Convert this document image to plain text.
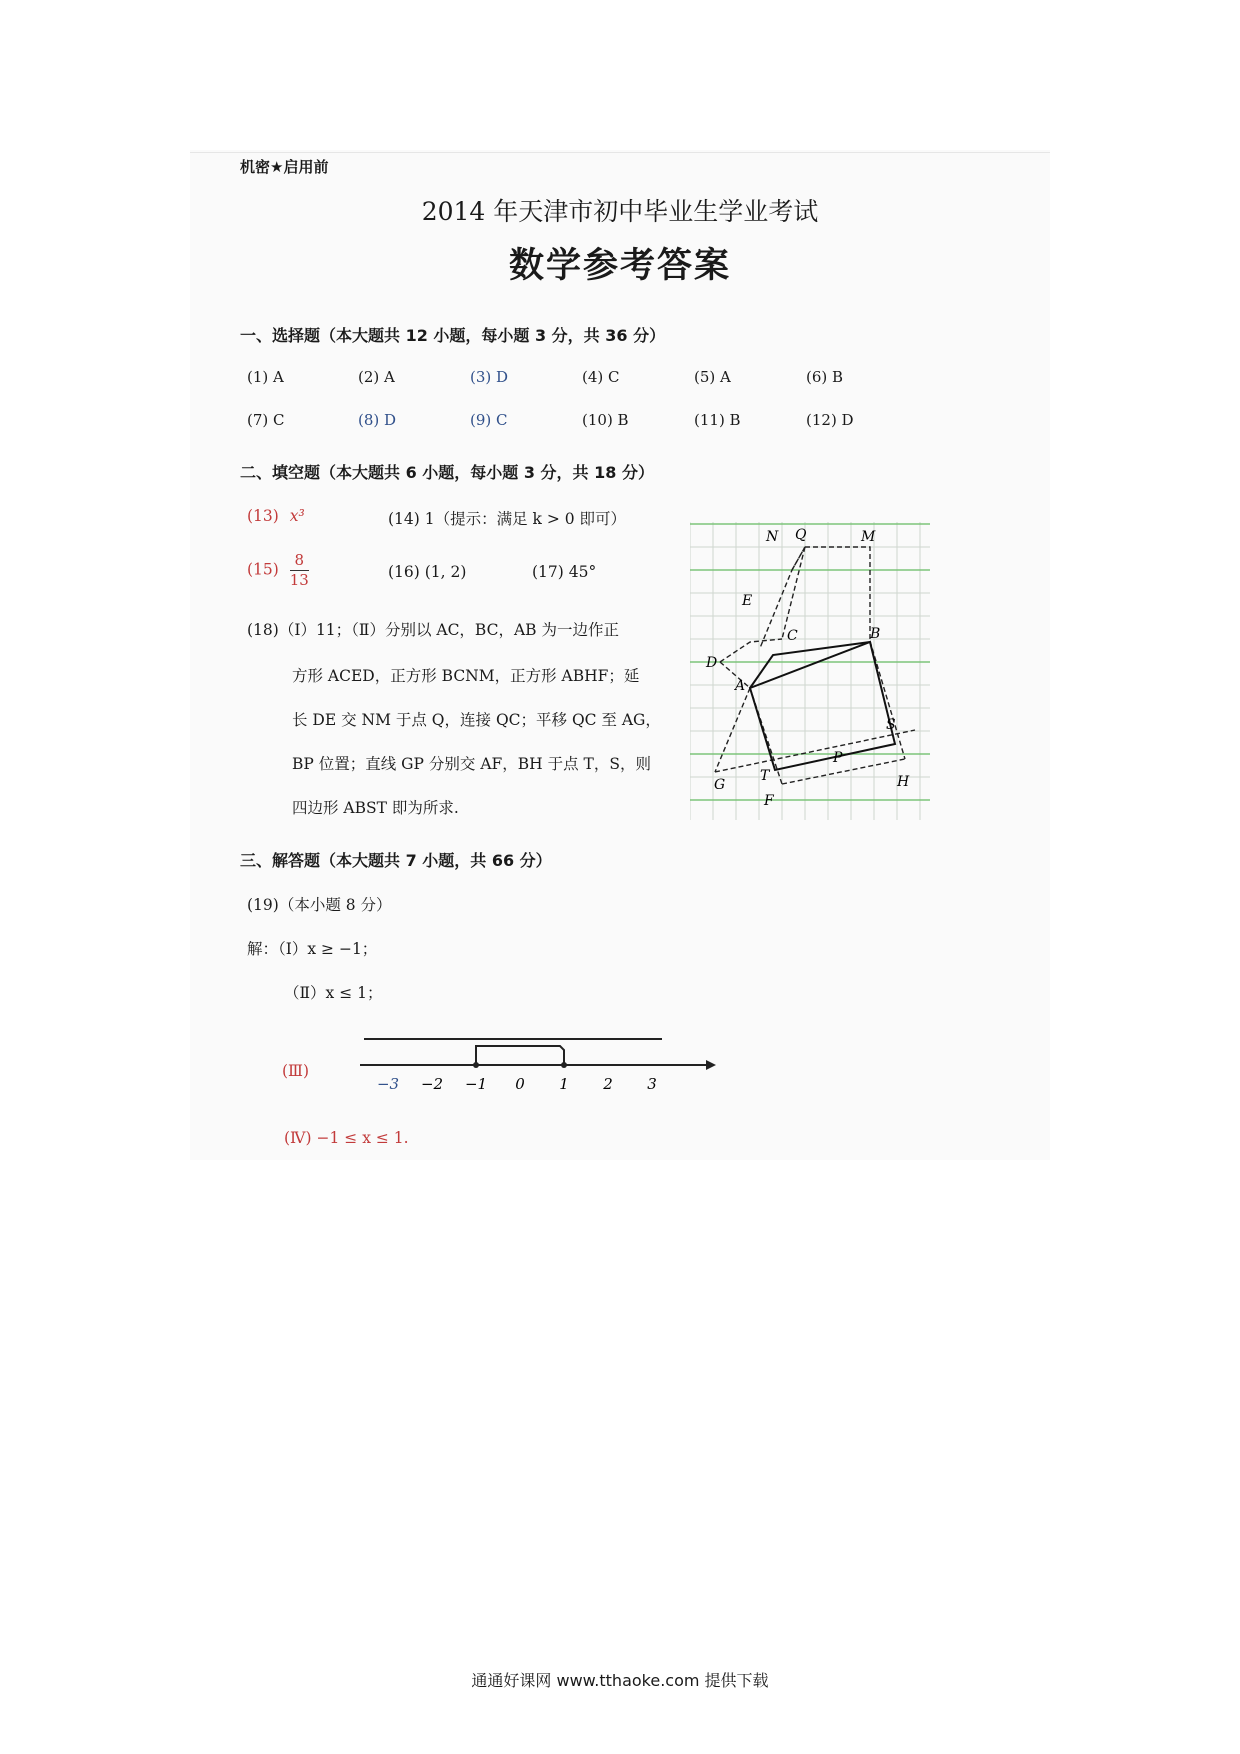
机密★启用前
2014 年天津市初中毕业生学业考试
数学参考答案
一、选择题（本大题共 12 小题，每小题 3 分，共 36 分）
(1) A	(2) A	(3) D	(4) C	(5) A	(6) B
(7) C	(8) D	(9) C	(10) B	(11) B	(12) D
二、填空题（本大题共 6 小题，每小题 3 分，共 18 分）
(13) x³	(14) 1（提示：满足 k > 0 即可）
$(15) \frac{8}{13}$	(16) (1, 2)	(17) 45°
(18)（Ⅰ）11；（Ⅱ）分别以 AC，BC，AB 为一边作正
方形 ACED，正方形 BCNM，正方形 ABHF；延
长 DE 交 NM 于点 Q，连接 QC；平移 QC 至 AG，
BP 位置；直线 GP 分别交 AF，BH 于点 T，S，则
四边形 ABST 即为所求.
N Q	M
E
C	B
D
A
P
S
G
T	H
F
三、解答题（本大题共 7 小题，共 66 分）
(19)（本小题 8 分）
解：（Ⅰ）x ≥ −1；
（Ⅱ）x ≤ 1；
(Ⅲ)
−3 −2 −1 0 1 2 3
(Ⅳ) −1 ≤ x ≤ 1.
通通好课网 www.tthaoke.com 提供下载
